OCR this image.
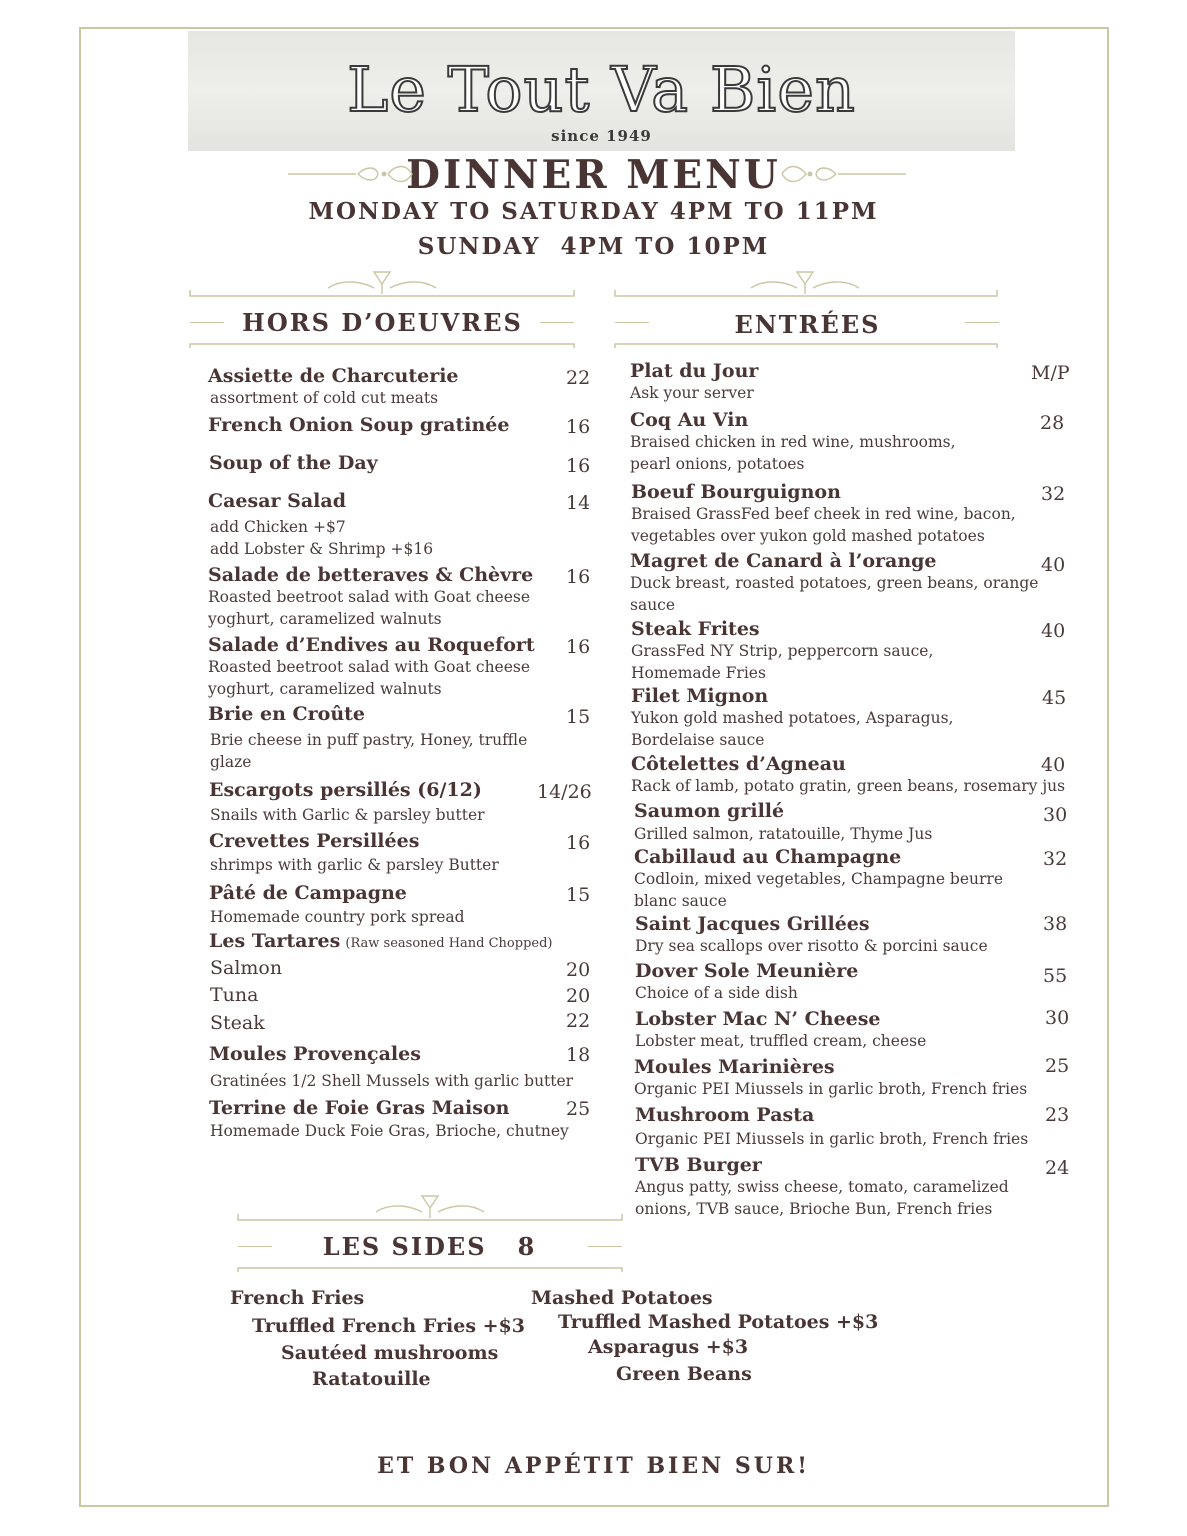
Le Tout Va Bien
since 1949
DINNER MENU
MONDAY TO SATURDAY 4PM TO 11PM
SUNDAY  4PM TO 10PM
HORS D’OEUVRES	ENTRÉES
Assiette de Charcuterie
assortment of cold cut meats
22
French Onion Soup gratinée	16
Soup of the Day	16
Caesar Salad
add Chicken +$7
add Lobster & Shrimp +$16
14
Salade de betteraves & Chèvre
Roasted beetroot salad with Goat cheese
yoghurt, caramelized walnuts
16
Salade d’Endives au Roquefort
Roasted beetroot salad with Goat cheese
yoghurt, caramelized walnuts
16
Brie en Croûte
Brie cheese in puff pastry, Honey, truffle
glaze
15
Escargots persillés (6/12)
Snails with Garlic & parsley butter
14/26
Crevettes Persillées
shrimps with garlic & parsley Butter
16
Pâté de Campagne
Homemade country pork spread
15
Les Tartares (Raw seasoned Hand Chopped)
Salmon	20
Tuna	20
Steak	22
Moules Provençales
Gratinées 1/2 Shell Mussels with garlic butter
18
Terrine de Foie Gras Maison
Homemade Duck Foie Gras, Brioche, chutney
25
Plat du Jour
Ask your server
M/P
Coq Au Vin
Braised chicken in red wine, mushrooms,
pearl onions, potatoes
28
Boeuf Bourguignon
Braised GrassFed beef cheek in red wine, bacon,
vegetables over yukon gold mashed potatoes
32
Magret de Canard à l’orange
Duck breast, roasted potatoes, green beans, orange
sauce
40
Steak Frites
GrassFed NY Strip, peppercorn sauce,
Homemade Fries
40
Filet Mignon
Yukon gold mashed potatoes, Asparagus,
Bordelaise sauce
45
Côtelettes d’Agneau
Rack of lamb, potato gratin, green beans, rosemary jus
40
Saumon grillé
Grilled salmon, ratatouille, Thyme Jus
30
Cabillaud au Champagne
Codloin, mixed vegetables, Champagne beurre
blanc sauce
32
Saint Jacques Grillées
Dry sea scallops over risotto & porcini sauce
38
Dover Sole Meunière
Choice of a side dish
55
Lobster Mac N’ Cheese
Lobster meat, truffled cream, cheese
30
Moules Marinières
Organic PEI Miussels in garlic broth, French fries
25
Mushroom Pasta
Organic PEI Miussels in garlic broth, French fries
23
TVB Burger
Angus patty, swiss cheese, tomato, caramelized
onions, TVB sauce, Brioche Bun, French fries
24
LES SIDES   8
French Fries
Truffled French Fries +$3
Sautéed mushrooms
Ratatouille
Mashed Potatoes
Truffled Mashed Potatoes +$3
Asparagus +$3
Green Beans
ET BON APPÉTIT BIEN SUR!
